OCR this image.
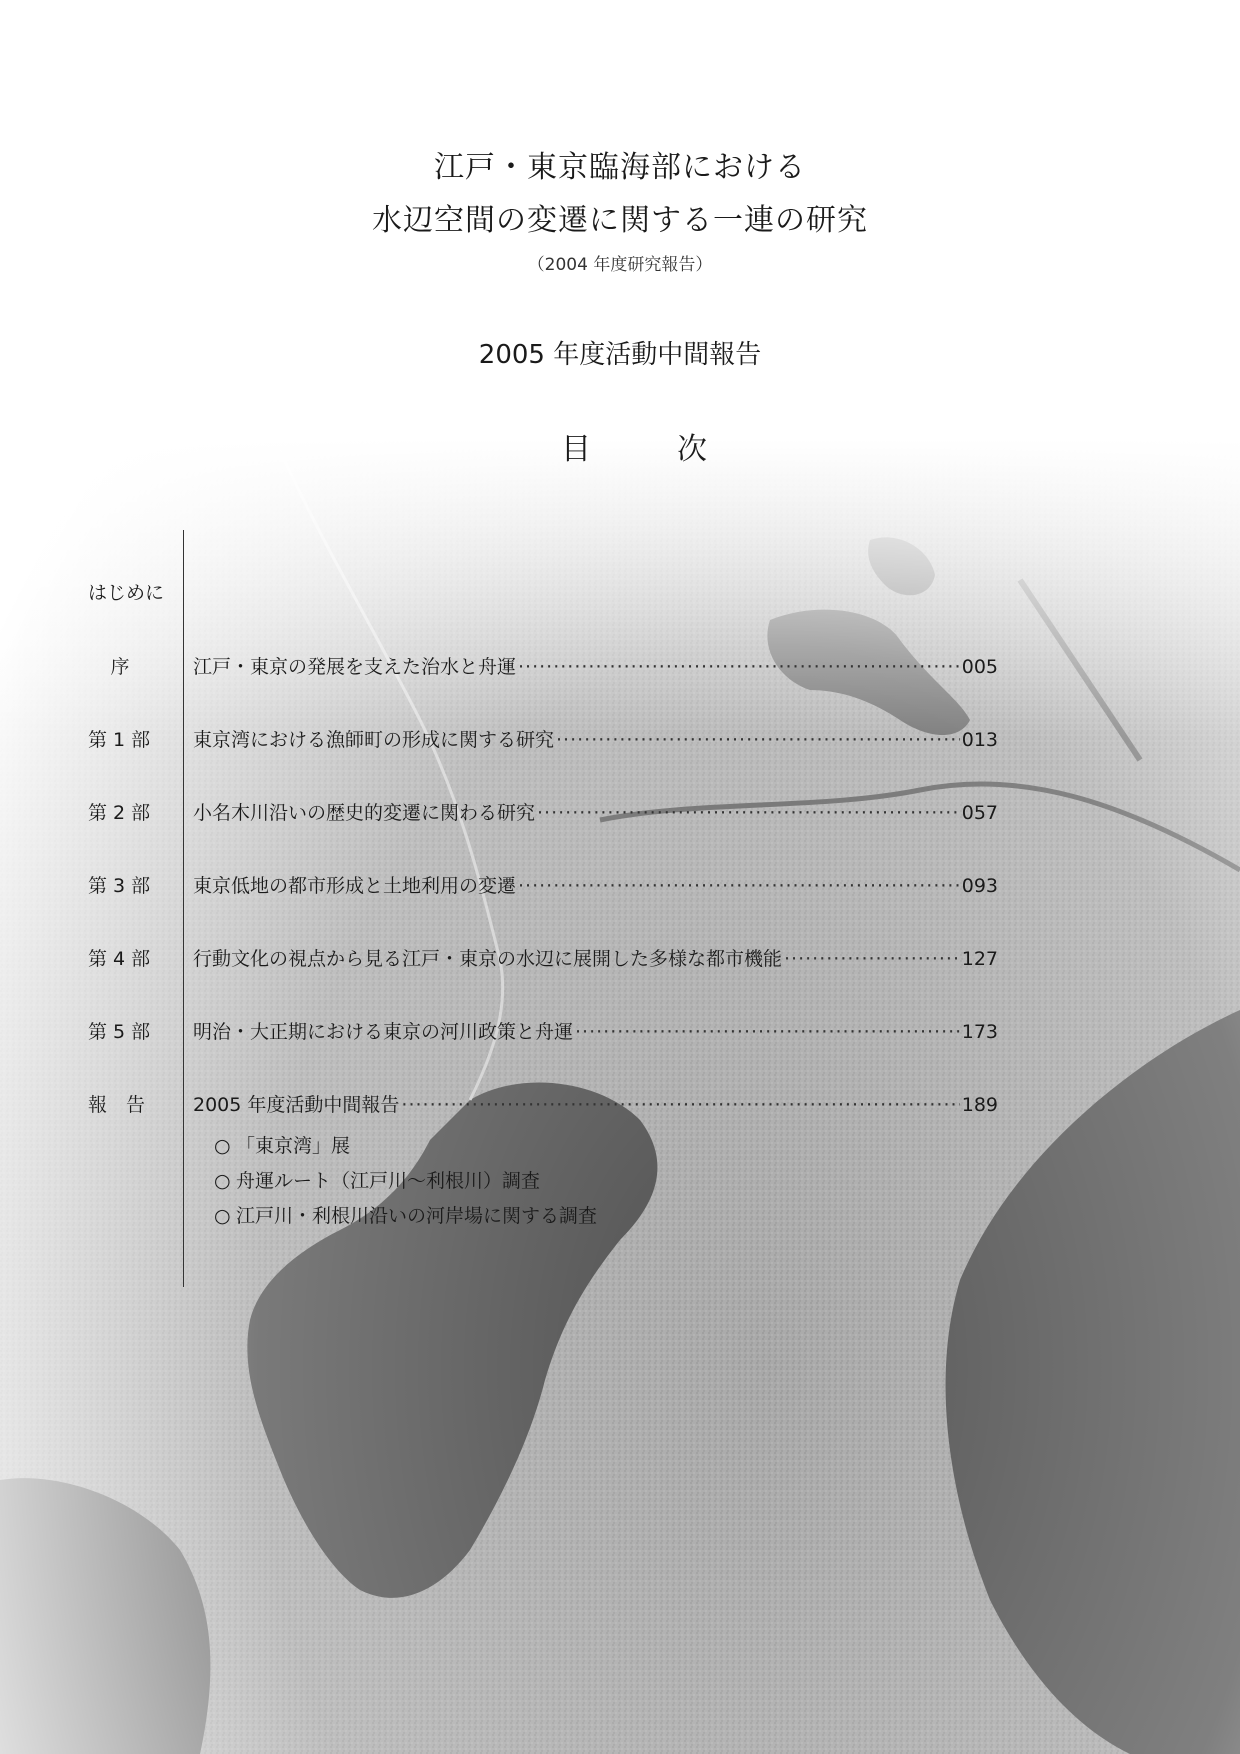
江戸・東京臨海部における
水辺空間の変遷に関する一連の研究
（2004 年度研究報告）
2005 年度活動中間報告
目　次
はじめに
序	江戸・東京の発展を支えた治水と舟運 ·····	005
第 1 部	東京湾における漁師町の形成に関する研究 ·····	013
第 2 部	小名木川沿いの歴史的変遷に関わる研究 ·····	057
第 3 部	東京低地の都市形成と土地利用の変遷 ·····	093
第 4 部	行動文化の視点から見る江戸・東京の水辺に展開した多様な都市機能 ·····	127
第 5 部	明治・大正期における東京の河川政策と舟運 ·····	173
報　告	2005 年度活動中間報告 ·····	189
○ 「東京湾」展
○ 舟運ルート（江戸川〜利根川）調査
○ 江戸川・利根川沿いの河岸場に関する調査
